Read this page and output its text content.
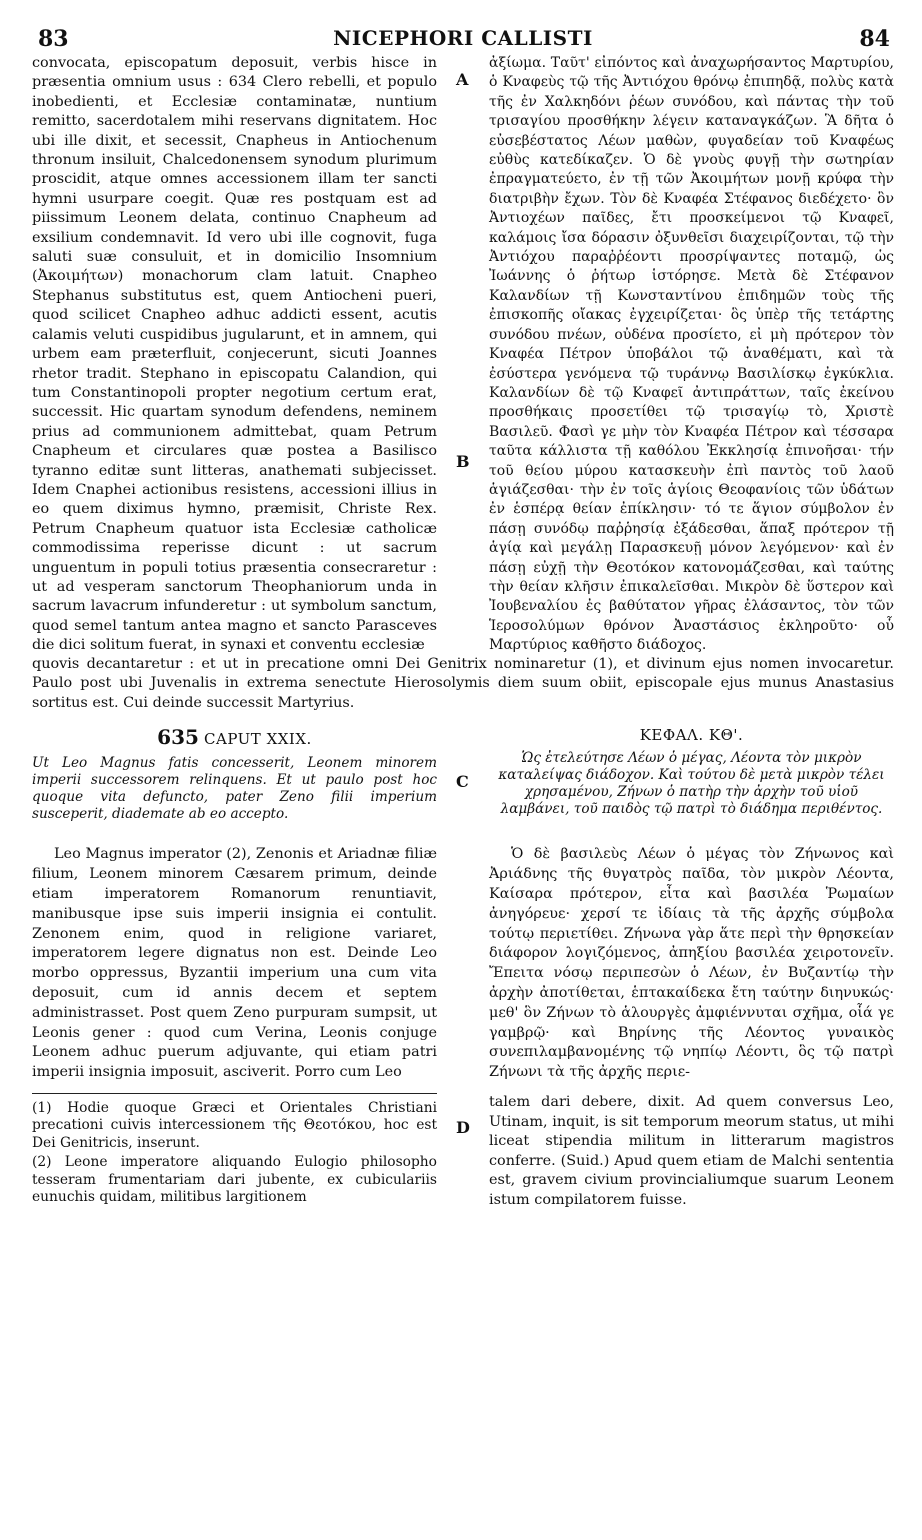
83	NICEPHORI CALLISTI	84
A
B
C
D

convocata, episcopatum deposuit, verbis hisce in præsentia omnium usus : 634 Clero rebelli, et populo inobedienti, et Ecclesiæ contaminatæ, nuntium remitto, sacerdotalem mihi reservans dignitatem. Hoc ubi ille dixit, et secessit, Cnapheus in Antiochenum thronum insiluit, Chalcedonensem synodum plurimum proscidit, atque omnes accessionem illam ter sancti hymni usurpare coegit. Quæ res postquam est ad piissimum Leonem delata, continuo Cnapheum ad exsilium condemnavit. Id vero ubi ille cognovit, fuga saluti suæ consuluit, et in domicilio Insomnium (Ἀκοιμήτων) monachorum clam latuit. Cnapheo Stephanus substitutus est, quem Antiocheni pueri, quod scilicet Cnapheo adhuc addicti essent, acutis calamis veluti cuspidibus jugularunt, et in amnem, qui urbem eam præterfluit, conjecerunt, sicuti Joannes rhetor tradit. Stephano in episcopatu Calandion, qui tum Constantinopoli propter negotium certum erat, successit. Hic quartam synodum defendens, neminem prius ad communionem admittebat, quam Petrum Cnapheum et circulares quæ postea a Basilisco tyranno editæ sunt litteras, anathemati subjecisset. Idem Cnaphei actionibus resistens, accessioni illius in eo quem diximus hymno, præmisit, Christe Rex. Petrum Cnapheum quatuor ista Ecclesiæ catholicæ commodissima reperisse dicunt : ut sacrum unguentum in populi totius præsentia consecraretur : ut ad vesperam sanctorum Theophaniorum unda in sacrum lavacrum infunderetur : ut symbolum sanctum, quod semel tantum antea magno et sancto Parasceves die dici solitum fuerat, in synaxi et conventu ecclesiæ

ἀξίωμα. Ταῦτ' εἰπόντος καὶ ἀναχωρήσαντος Μαρτυρίου, ὁ Κναφεὺς τῷ τῆς Ἀντιόχου θρόνῳ ἐπιπηδᾷ, πολὺς κατὰ τῆς ἐν Χαλκηδόνι ῥέων συνόδου, καὶ πάντας τὴν τοῦ τρισαγίου προσθήκην λέγειν καταναγκάζων. Ἃ δῆτα ὁ εὐσεβέστατος Λέων μαθὼν, φυγαδείαν τοῦ Κναφέως εὐθὺς κατεδίκαζεν. Ὁ δὲ γνοὺς φυγῇ τὴν σωτηρίαν ἐπραγματεύετο, ἐν τῇ τῶν Ἀκοιμήτων μονῇ κρύφα τὴν διατριβὴν ἔχων. Τὸν δὲ Κναφέα Στέφανος διεδέχετο· ὃν Ἀντιοχέων παῖδες, ἔτι προσκείμενοι τῷ Κναφεῖ, καλάμοις ἴσα δόρασιν ὀξυνθεῖσι διαχειρίζονται, τῷ τὴν Ἀντιόχου παραῤῥέοντι προσρίψαντες ποταμῷ, ὡς Ἰωάννης ὁ ῥήτωρ ἱστόρησε. Μετὰ δὲ Στέφανον Καλανδίων τῇ Κωνσταντίνου ἐπιδημῶν τοὺς τῆς ἐπισκοπῆς οἴακας ἐγχειρίζεται· ὃς ὑπὲρ τῆς τετάρτης συνόδου πνέων, οὐδένα προσίετο, εἰ μὴ πρότερον τὸν Κναφέα Πέτρον ὑποβάλοι τῷ ἀναθέματι, καὶ τὰ ἐσύστερα γενόμενα τῷ τυράννῳ Βασιλίσκῳ ἐγκύκλια. Καλανδίων δὲ τῷ Κναφεῖ ἀντιπράττων, ταῖς ἐκείνου προσθήκαις προσετίθει τῷ τρισαγίῳ τὸ, Χριστὲ Βασιλεῦ. Φασὶ γε μὴν τὸν Κναφέα Πέτρον καὶ τέσσαρα ταῦτα κάλλιστα τῇ καθόλου Ἐκκλησίᾳ ἐπινοῆσαι· τήν τοῦ θείου μύρου κατασκευὴν ἐπὶ παντὸς τοῦ λαοῦ ἁγιάζεσθαι· τὴν ἐν τοῖς ἁγίοις Θεοφανίοις τῶν ὑδάτων ἐν ἑσπέρᾳ θείαν ἐπίκλησιν· τό τε ἅγιον σύμβολον ἐν πάσῃ συνόδῳ παῤῥησίᾳ ἐξάδεσθαι, ἅπαξ πρότερον τῇ ἁγίᾳ καὶ μεγάλῃ Παρασκευῇ μόνον λεγόμενον· καὶ ἐν πάσῃ εὐχῇ τὴν Θεοτόκον κατονομάζεσθαι, καὶ ταύτης τὴν θείαν κλῆσιν ἐπικαλεῖσθαι. Μικρὸν δὲ ὕστερον καὶ Ἰουβεναλίου ἐς βαθύτατον γῆρας ἐλάσαντος, τὸν τῶν Ἱεροσολύμων θρόνον Ἀναστάσιος ἐκληροῦτο· οὗ Μαρτύριος καθῆστο διάδοχος.

quovis decantaretur : et ut in precatione omni Dei Genitrix nominaretur (1), et divinum ejus nomen invocaretur. Paulo post ubi Juvenalis in extrema senectute Hierosolymis diem suum obiit, episcopale ejus munus Anastasius sortitus est. Cui deinde successit Martyrius.
635 CAPUT XXIX.
Ut Leo Magnus fatis concesserit, Leonem minorem imperii successorem relinquens. Et ut paulo post hoc quoque vita defuncto, pater Zeno filii imperium susceperit, diademate ab eo accepto.
ΚΕΦΑΛ. ΚΘ'.
Ὡς ἐτελεύτησε Λέων ὁ μέγας, Λέοντα τὸν μικρὸν καταλείψας διάδοχον. Καὶ τούτου δὲ μετὰ μικρὸν τέλει χρησαμένου, Ζήνων ὁ πατὴρ τὴν ἀρχὴν τοῦ υἱοῦ λαμβάνει, τοῦ παιδὸς τῷ πατρὶ τὸ διάδημα περιθέντος.

Leo Magnus imperator (2), Zenonis et Ariadnæ filiæ filium, Leonem minorem Cæsarem primum, deinde etiam imperatorem Romanorum renuntiavit, manibusque ipse suis imperii insignia ei contulit. Zenonem enim, quod in religione variaret, imperatorem legere dignatus non est. Deinde Leo morbo oppressus, Byzantii imperium una cum vita deposuit, cum id annis decem et septem administrasset. Post quem Zeno purpuram sumpsit, ut Leonis gener : quod cum Verina, Leonis conjuge Leonem adhuc puerum adjuvante, qui etiam patri imperii insignia imposuit, asciverit. Porro cum Leo

Ὁ δὲ βασιλεὺς Λέων ὁ μέγας τὸν Ζήνωνος καὶ Ἀριάδνης τῆς θυγατρὸς παῖδα, τὸν μικρὸν Λέοντα, Καίσαρα πρότερον, εἶτα καὶ βασιλέα Ῥωμαίων ἀνηγόρευε· χερσί τε ἰδίαις τὰ τῆς ἀρχῆς σύμβολα τούτῳ περιετίθει. Ζήνωνα γὰρ ἅτε περὶ τὴν θρησκείαν διάφορον λογιζόμενος, ἀπηξίου βασιλέα χειροτονεῖν. Ἔπειτα νόσῳ περιπεσὼν ὁ Λέων, ἐν Βυζαντίῳ τὴν ἀρχὴν ἀποτίθεται, ἑπτακαίδεκα ἔτη ταύτην διηνυκώς· μεθ' ὃν Ζήνων τὸ ἁλουργὲς ἀμφιέννυται σχῆμα, οἷά γε γαμβρῷ· καὶ Βηρίνης τῆς Λέοντος γυναικὸς συνεπιλαμβανομένης τῷ νηπίῳ Λέοντι, ὃς τῷ πατρὶ Ζήνωνι τὰ τῆς ἀρχῆς περιε-

(1) Hodie quoque Græci et Orientales Christiani precationi cuivis intercessionem τῆς Θεοτόκου, hoc est Dei Genitricis, inserunt.

(2) Leone imperatore aliquando Eulogio philosopho tesseram frumentariam dari jubente, ex cubiculariis eunuchis quidam, militibus largitionem

talem dari debere, dixit. Ad quem conversus Leo, Utinam, inquit, is sit temporum meorum status, ut mihi liceat stipendia militum in litterarum magistros conferre. (Suid.) Apud quem etiam de Malchi sententia est, gravem civium provincialiumque suarum Leonem istum compilatorem fuisse.
